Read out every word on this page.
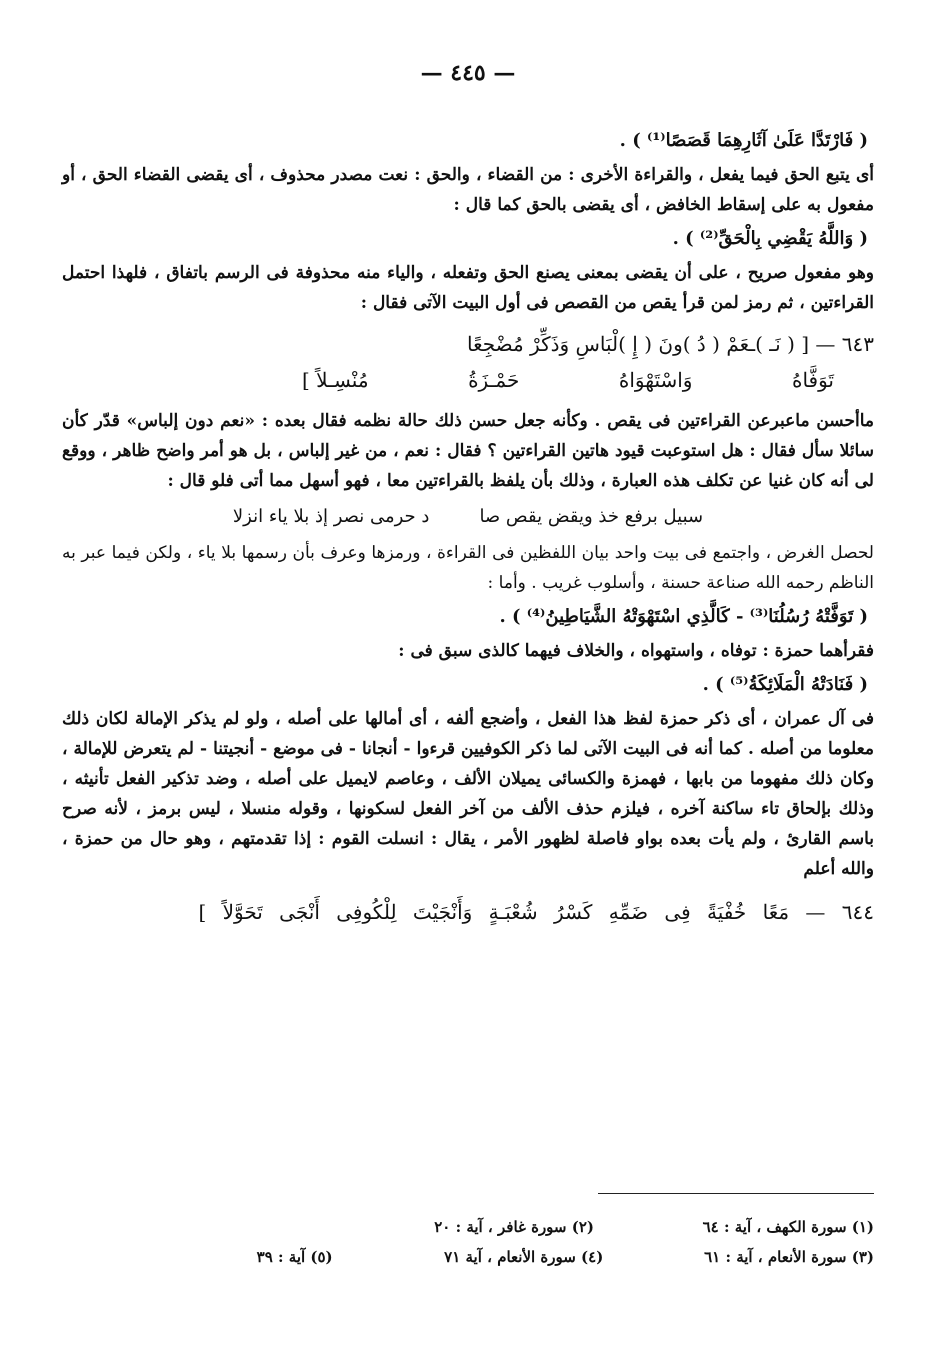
— ٤٤٥ —

( فَارْتَدَّا عَلَىٰ آثَارِهِمَا قَصَصًا⁽¹⁾ ) .

أى يتبع الحق فيما يفعل ، والقراءة الأخرى : من القضاء ، والحق : نعت مصدر محذوف ، أى يقضى القضاء الحق ، أو مفعول به على إسقاط الخافض ، أى يقضى بالحق كما قال :

( وَاللَّهُ يَقْضِي بِالْحَقِّ⁽²⁾ ) .

وهو مفعول صريح ، على أن يقضى بمعنى يصنع الحق وتفعله ، والياء منه محذوفة فى الرسم باتفاق ، فلهذا احتمل القراءتين ، ثم رمز لمن قرأ يقص من القصص فى أول البيت الآتى فقال :

٦٤٣ — [ ( نَـ )ـعَمْ ( دُ )ونَ ( إِ )لْبَاسِ وَذَكِّرْ مُضْجِعًا
تَوَفَّاهُ
وَاسْتَهْوَاهُ
حَمْـزَةُ
مُنْسِـلاً ]

ماأحسن ماعبرعن القراءتين فى يقص . وكأنه جعل حسن ذلك حالة نظمه فقال بعده : «نعم دون إلباس» قدّر كأن سائلا سأل فقال : هل استوعبت قيود هاتين القراءتين ؟ فقال : نعم ، من غير إلباس ، بل هو أمر واضح ظاهر ، ووقع لى أنه كان غنيا عن تكلف هذه العبارة ، وذلك بأن يلفظ بالقراءتين معا ، فهو أسهل مما أتى فلو قال :

سبيل برفع خذ ويقض يقص صا
د حرمى نصر إذ بلا ياء انزلا

لحصل الغرض ، واجتمع فى بيت واحد بيان اللفظين فى القراءة ، ورمزها وعرف بأن رسمها بلا ياء ، ولكن فيما عبر به الناظم رحمه الله صناعة حسنة ، وأسلوب غريب . وأما :

( تَوَفَّتْهُ رُسُلُنَا⁽³⁾ - كَالَّذِي اسْتَهْوَتْهُ الشَّيَاطِينُ⁽⁴⁾ ) .

فقرأهما حمزة : توفاه ، واستهواه ، والخلاف فيهما كالذى سبق فى :

( فَنَادَتْهُ الْمَلَائِكَةُ⁽⁵⁾ ) .

فى آل عمران ، أى ذكر حمزة لفظ هذا الفعل ، وأضجع ألفه ، أى أمالها على أصله ، ولو لم يذكر الإمالة لكان ذلك معلوما من أصله . كما أنه فى البيت الآتى لما ذكر الكوفيين قرءوا - أنجانا - فى موضع - أنجيتنا - لم يتعرض للإمالة ، وكان ذلك مفهوما من بابها ، فهمزة والكسائى يميلان الألف ، وعاصم لايميل على أصله ، وضد تذكير الفعل تأنيثه ، وذلك بإلحاق تاء ساكنة آخره ، فيلزم حذف الألف من آخر الفعل لسكونها ، وقوله منسلا ، ليس برمز ، لأنه صرح باسم القارئ ، ولم يأت بعده بواو فاصلة لظهور الأمر ، يقال : انسلت القوم : إذا تقدمتهم ، وهو حال من حمزة ، والله أعلم

٦٤٤ — مَعًا خُفْيَةً فِى ضَمِّهِ كَسْرُ شُعْبَـةٍ وَأَنْجَيْتَ لِلْكُوفِى أَنْجَى تَحَوَّلاً ]

(١) سورة الكهف ، آية : ٦٤
(٢) سورة غافر ، آية : ٢٠
(٣) سورة الأنعام ، آية : ٦١
(٤) سورة الأنعام ، آية ٧١
(٥) آية : ٣٩
